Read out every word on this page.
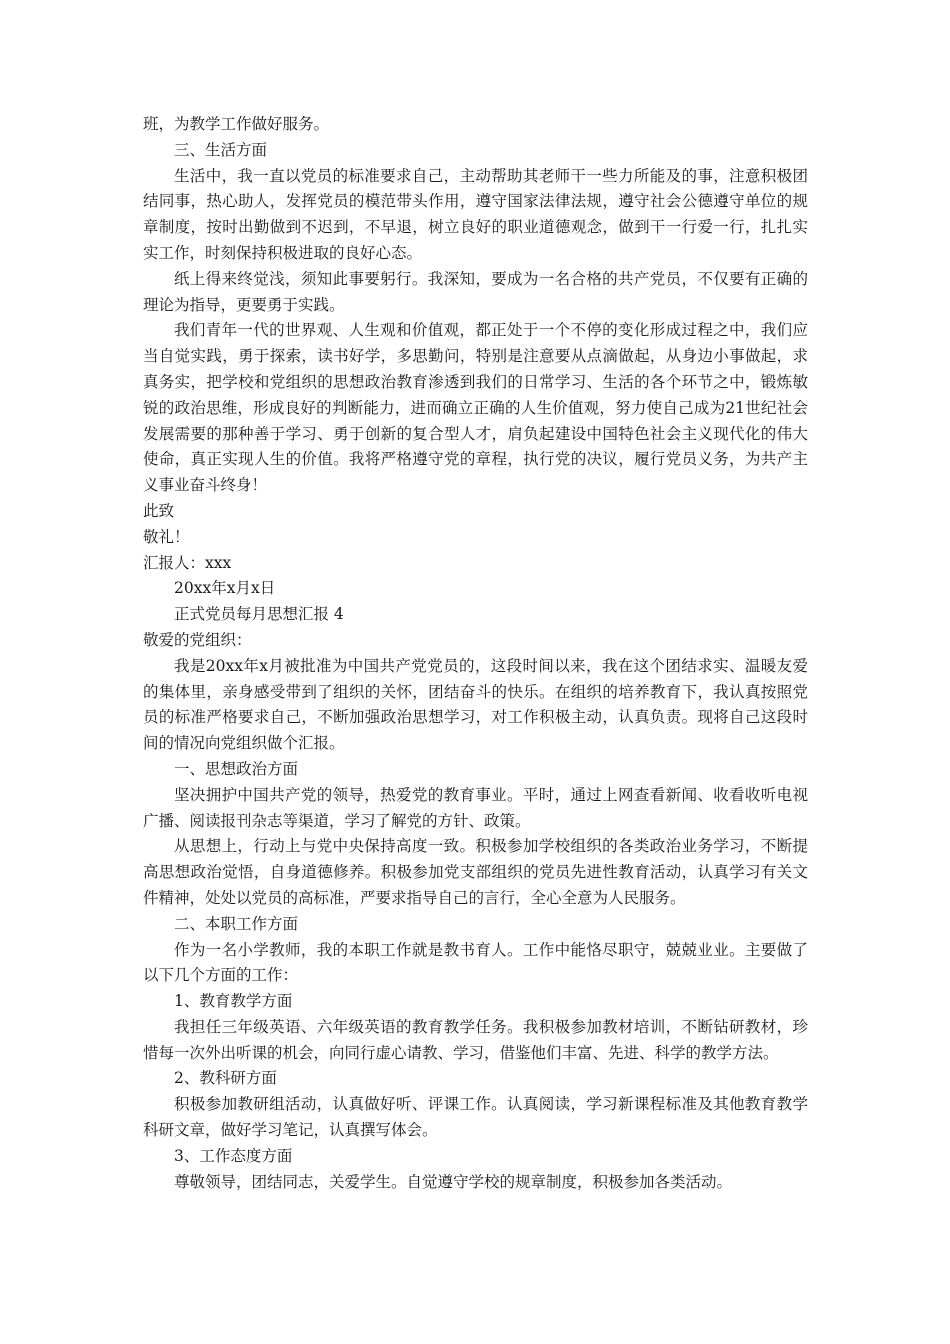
班，为教学工作做好服务。

三、生活方面

生活中，我一直以党员的标准要求自己，主动帮助其老师干一些力所能及的事，注意积极团结同事，热心助人，发挥党员的模范带头作用，遵守国家法律法规，遵守社会公德遵守单位的规章制度，按时出勤做到不迟到，不早退，树立良好的职业道德观念，做到干一行爱一行，扎扎实实工作，时刻保持积极进取的良好心态。

纸上得来终觉浅，须知此事要躬行。我深知，要成为一名合格的共产党员，不仅要有正确的理论为指导，更要勇于实践。

我们青年一代的世界观、人生观和价值观，都正处于一个不停的变化形成过程之中，我们应当自觉实践，勇于探索，读书好学，多思勤问，特别是注意要从点滴做起，从身边小事做起，求真务实，把学校和党组织的思想政治教育渗透到我们的日常学习、生活的各个环节之中，锻炼敏锐的政治思维，形成良好的判断能力，进而确立正确的人生价值观，努力使自己成为21世纪社会发展需要的那种善于学习、勇于创新的复合型人才，肩负起建设中国特色社会主义现代化的伟大使命，真正实现人生的价值。我将严格遵守党的章程，执行党的决议，履行党员义务，为共产主义事业奋斗终身！

此致

敬礼！

汇报人：xxx

20xx年x月x日

正式党员每月思想汇报 4

敬爱的党组织：

我是20xx年x月被批准为中国共产党党员的，这段时间以来，我在这个团结求实、温暖友爱的集体里，亲身感受带到了组织的关怀，团结奋斗的快乐。在组织的培养教育下，我认真按照党员的标准严格要求自己，不断加强政治思想学习，对工作积极主动，认真负责。现将自己这段时间的情况向党组织做个汇报。

一、思想政治方面

坚决拥护中国共产党的领导，热爱党的教育事业。平时，通过上网查看新闻、收看收听电视广播、阅读报刊杂志等渠道，学习了解党的方针、政策。

从思想上，行动上与党中央保持高度一致。积极参加学校组织的各类政治业务学习，不断提高思想政治觉悟，自身道德修养。积极参加党支部组织的党员先进性教育活动，认真学习有关文件精神，处处以党员的高标准，严要求指导自己的言行，全心全意为人民服务。

二、本职工作方面

作为一名小学教师，我的本职工作就是教书育人。工作中能恪尽职守，兢兢业业。主要做了以下几个方面的工作：

1、教育教学方面

我担任三年级英语、六年级英语的教育教学任务。我积极参加教材培训，不断钻研教材，珍惜每一次外出听课的机会，向同行虚心请教、学习，借鉴他们丰富、先进、科学的教学方法。

2、教科研方面

积极参加教研组活动，认真做好听、评课工作。认真阅读，学习新课程标准及其他教育教学科研文章，做好学习笔记，认真撰写体会。

3、工作态度方面

尊敬领导，团结同志，关爱学生。自觉遵守学校的规章制度，积极参加各类活动。
